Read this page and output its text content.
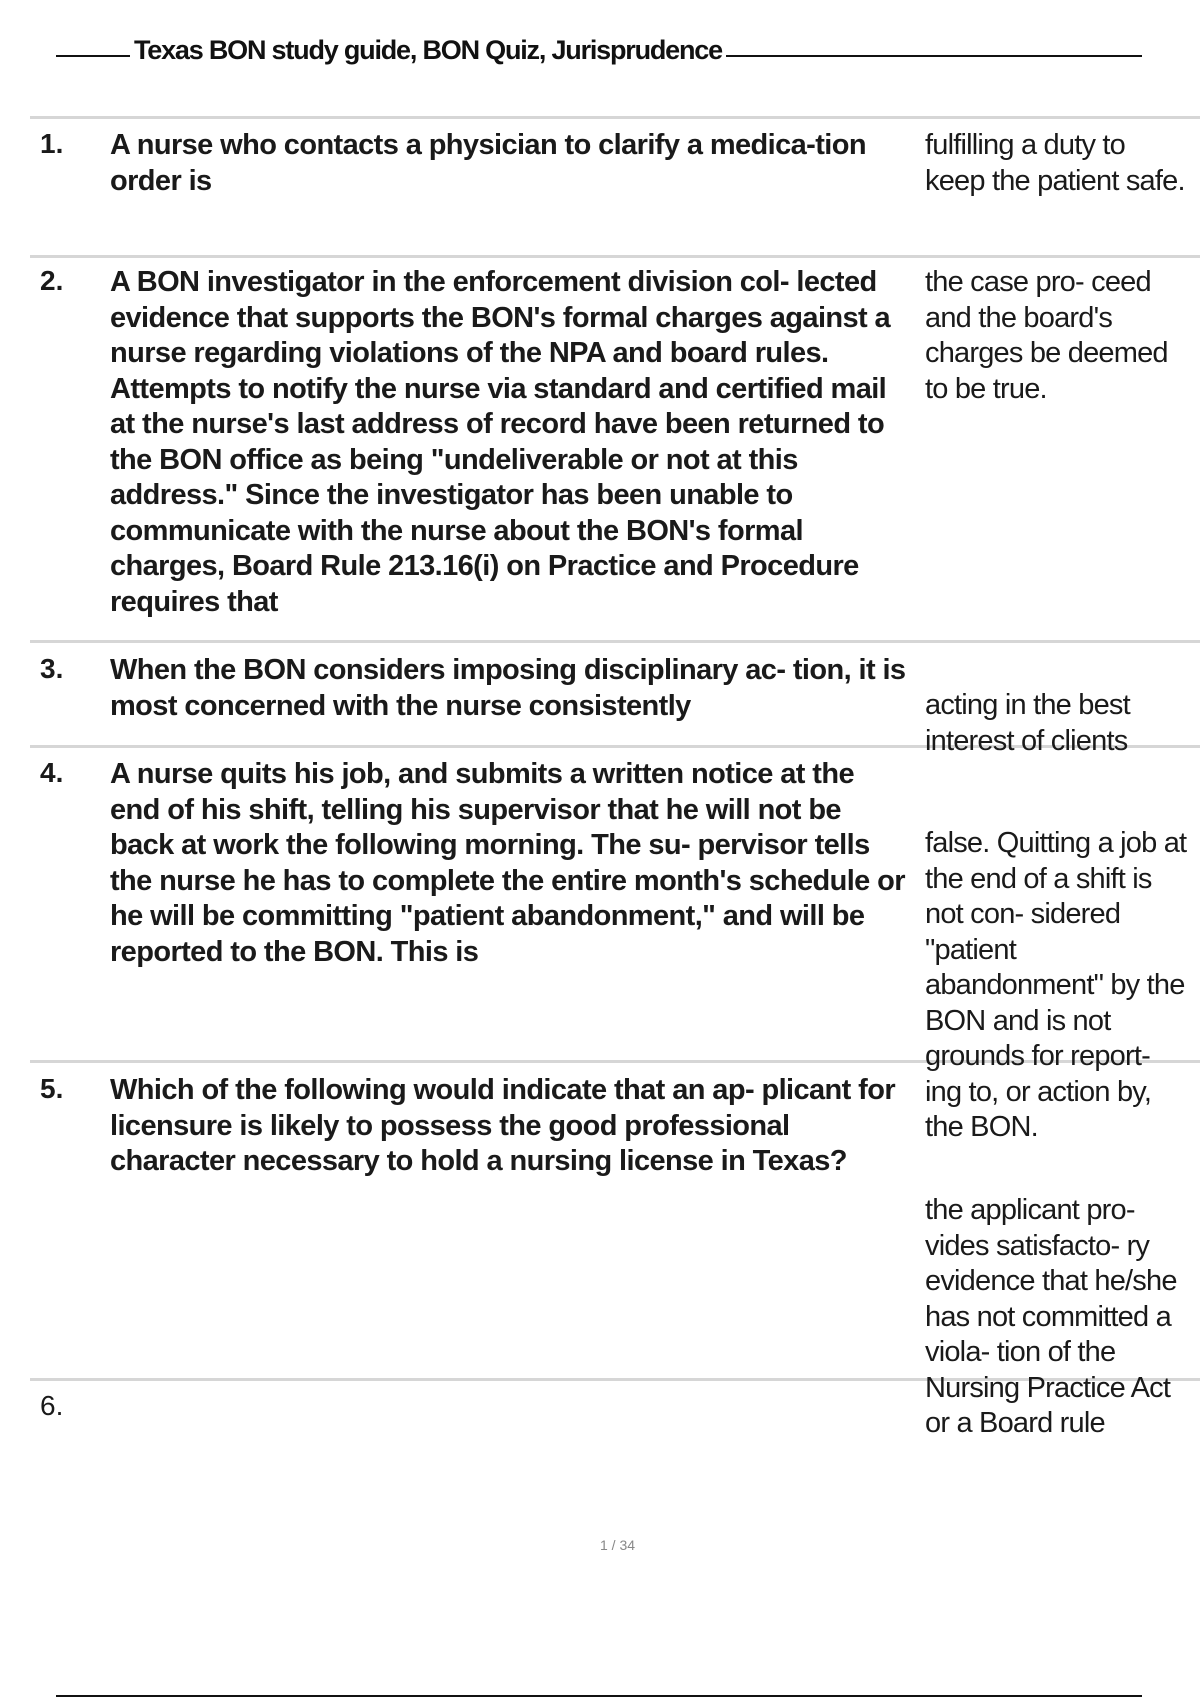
Texas BON study guide, BON Quiz, Jurisprudence
1. A nurse who contacts a physician to clarify a medica-tion order is

fulfilling a duty to keep the patient safe.

2. A BON investigator in the enforcement division col- lected evidence that supports the BON's formal charges against a nurse regarding violations of the NPA and board rules. Attempts to notify the nurse via standard and certified mail at the nurse's last address of record have been returned to the BON office as being "undeliverable or not at this address." Since the investigator has been unable to communicate with the nurse about the BON's formal charges, Board Rule 213.16(i) on Practice and Procedure requires that

the case pro- ceed and the board's charges be deemed to be true.

3. When the BON considers imposing disciplinary ac- tion, it is most concerned with the nurse consistently	acting in the best interest of clients

4. A nurse quits his job, and submits a written notice at the end of his shift, telling his supervisor that he will not be back at work the following morning. The su- pervisor tells the nurse he has to complete the entire month's schedule or he will be committing "patient abandonment," and will be reported to the BON. This is

false. Quitting a job at the end of a shift is not con- sidered "patient abandonment" by the BON and is not grounds for report- ing to, or action by, the BON.

5. Which of the following would indicate that an ap- plicant for licensure is likely to possess the good professional character necessary to hold a nursing license in Texas?

the applicant pro- vides satisfacto- ry evidence that he/she has not committed a viola- tion of the Nursing Practice Act or a Board rule

6.

1 / 34
